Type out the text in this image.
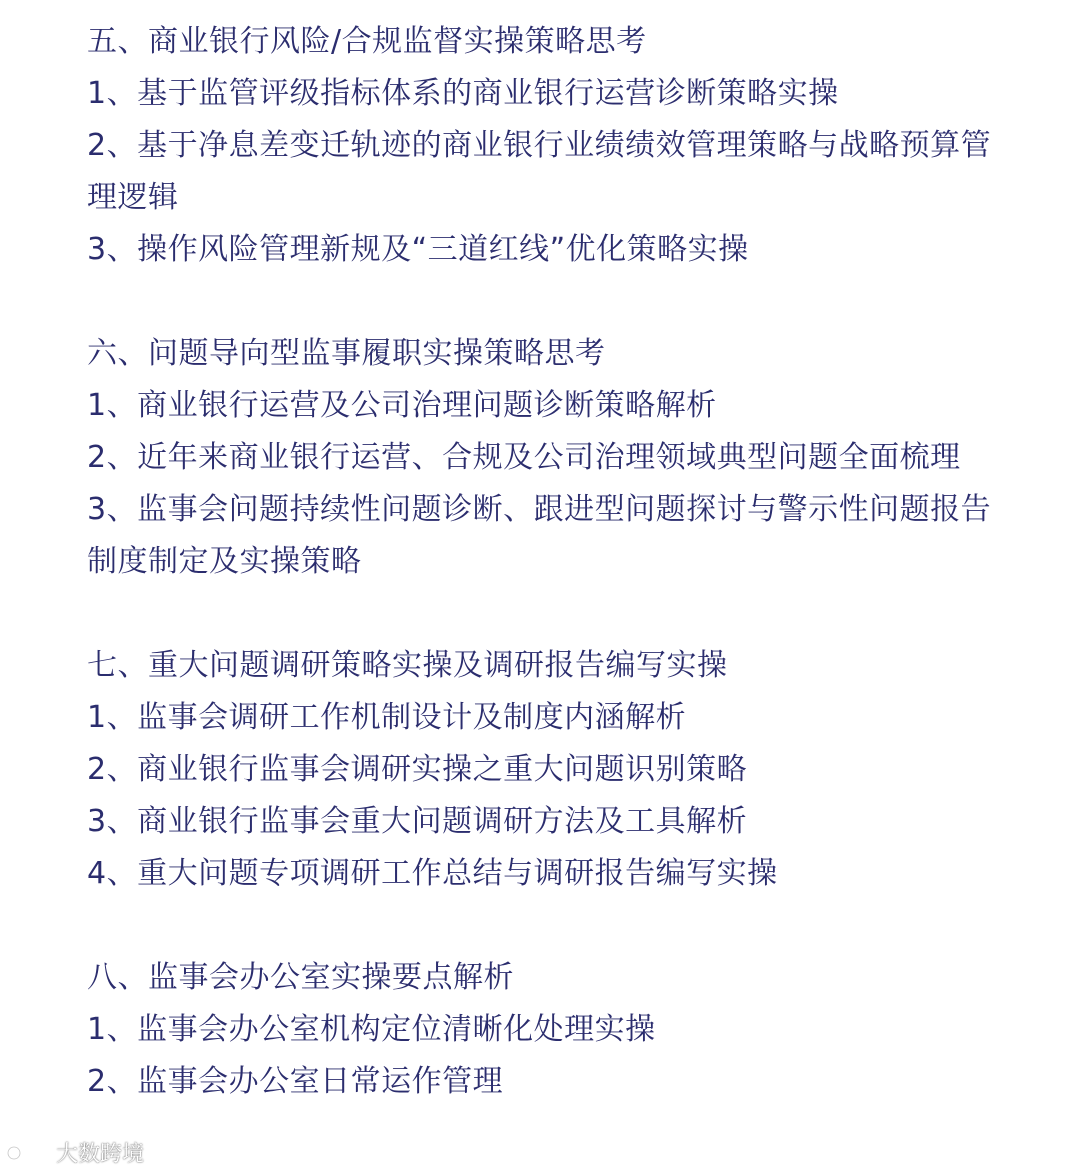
五、商业银行风险/合规监督实操策略思考
1、基于监管评级指标体系的商业银行运营诊断策略实操
2、基于净息差变迁轨迹的商业银行业绩绩效管理策略与战略预算管理逻辑
3、操作风险管理新规及“三道红线”优化策略实操
六、问题导向型监事履职实操策略思考
1、商业银行运营及公司治理问题诊断策略解析
2、近年来商业银行运营、合规及公司治理领域典型问题全面梳理
3、监事会问题持续性问题诊断、跟进型问题探讨与警示性问题报告制度制定及实操策略
七、重大问题调研策略实操及调研报告编写实操
1、监事会调研工作机制设计及制度内涵解析
2、商业银行监事会调研实操之重大问题识别策略
3、商业银行监事会重大问题调研方法及工具解析
4、重大问题专项调研工作总结与调研报告编写实操
八、监事会办公室实操要点解析
1、监事会办公室机构定位清晰化处理实操
2、监事会办公室日常运作管理
大数跨境
